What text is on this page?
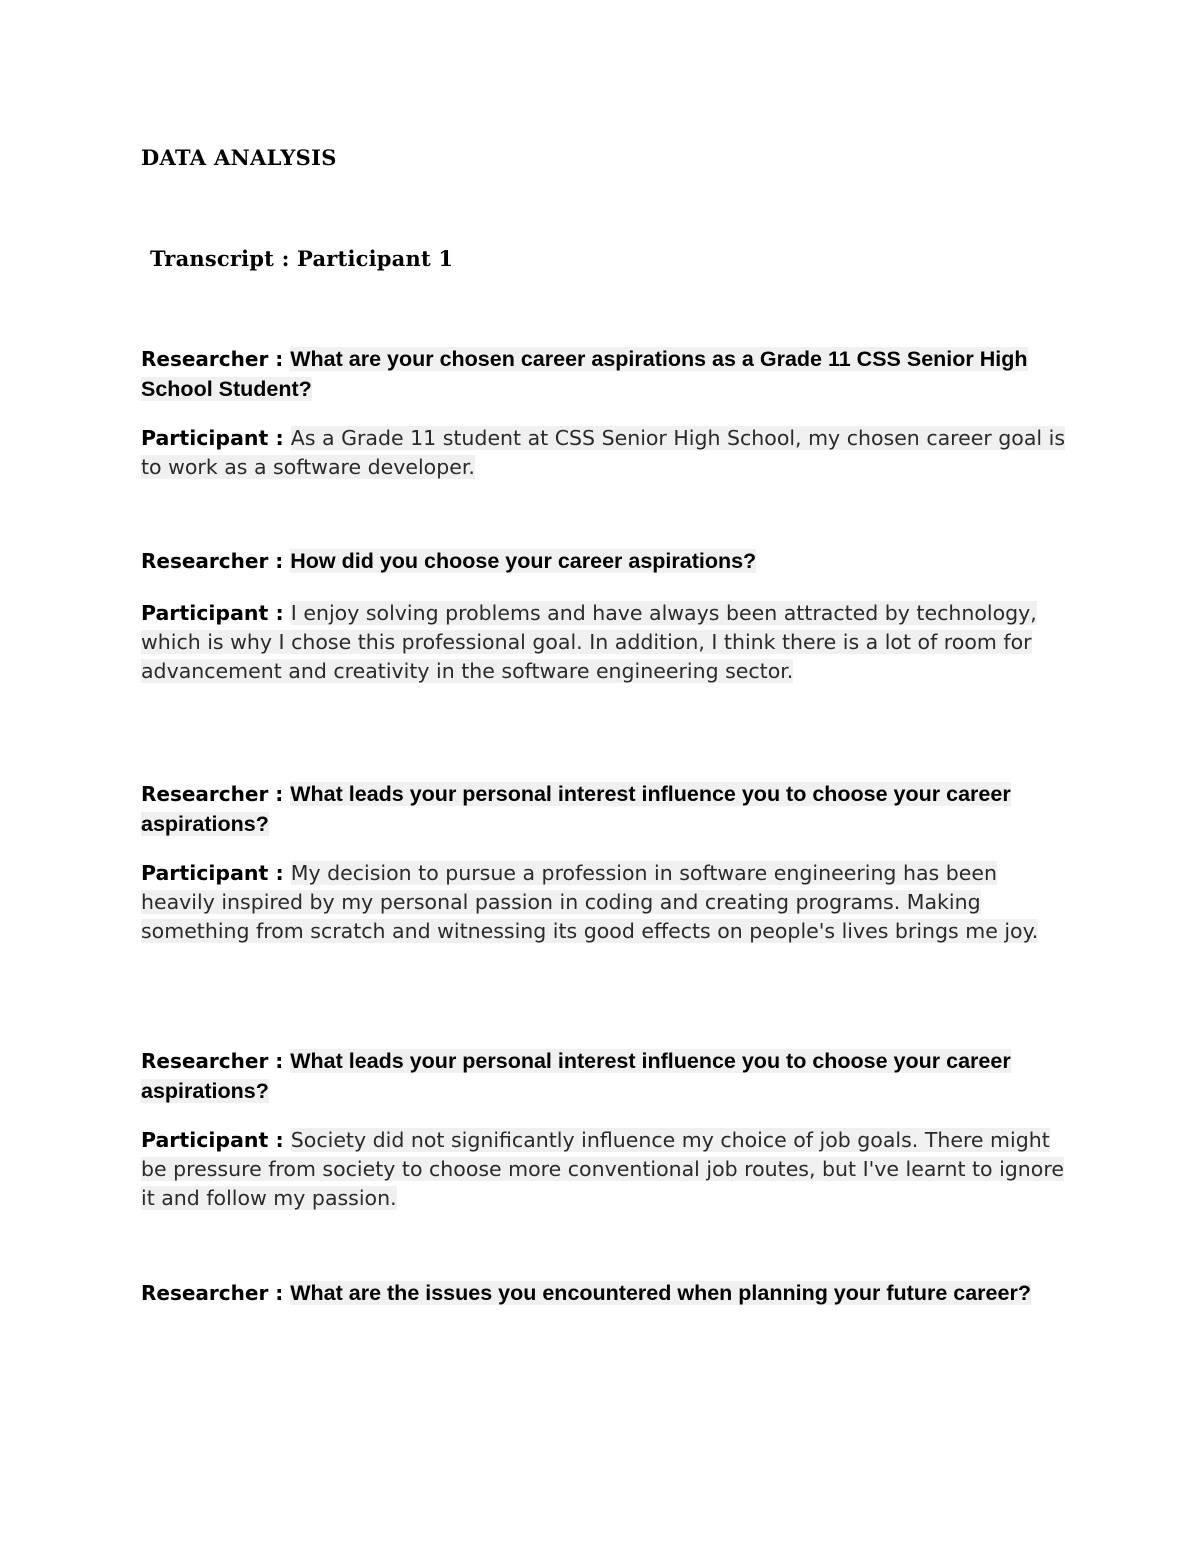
DATA ANALYSIS
Transcript : Participant 1
Researcher : What are your chosen career aspirations as a Grade 11 CSS Senior High School Student?
Participant : As a Grade 11 student at CSS Senior High School, my chosen career goal is to work as a software developer.
Researcher : How did you choose your career aspirations?
Participant : I enjoy solving problems and have always been attracted by technology, which is why I chose this professional goal. In addition, I think there is a lot of room for advancement and creativity in the software engineering sector.
Researcher : What leads your personal interest influence you to choose your career aspirations?
Participant : My decision to pursue a profession in software engineering has been heavily inspired by my personal passion in coding and creating programs. Making something from scratch and witnessing its good effects on people's lives brings me joy.
Researcher : What leads your personal interest influence you to choose your career aspirations?
Participant : Society did not significantly influence my choice of job goals. There might be pressure from society to choose more conventional job routes, but I've learnt to ignore it and follow my passion.
Researcher : What are the issues you encountered when planning your future career?
